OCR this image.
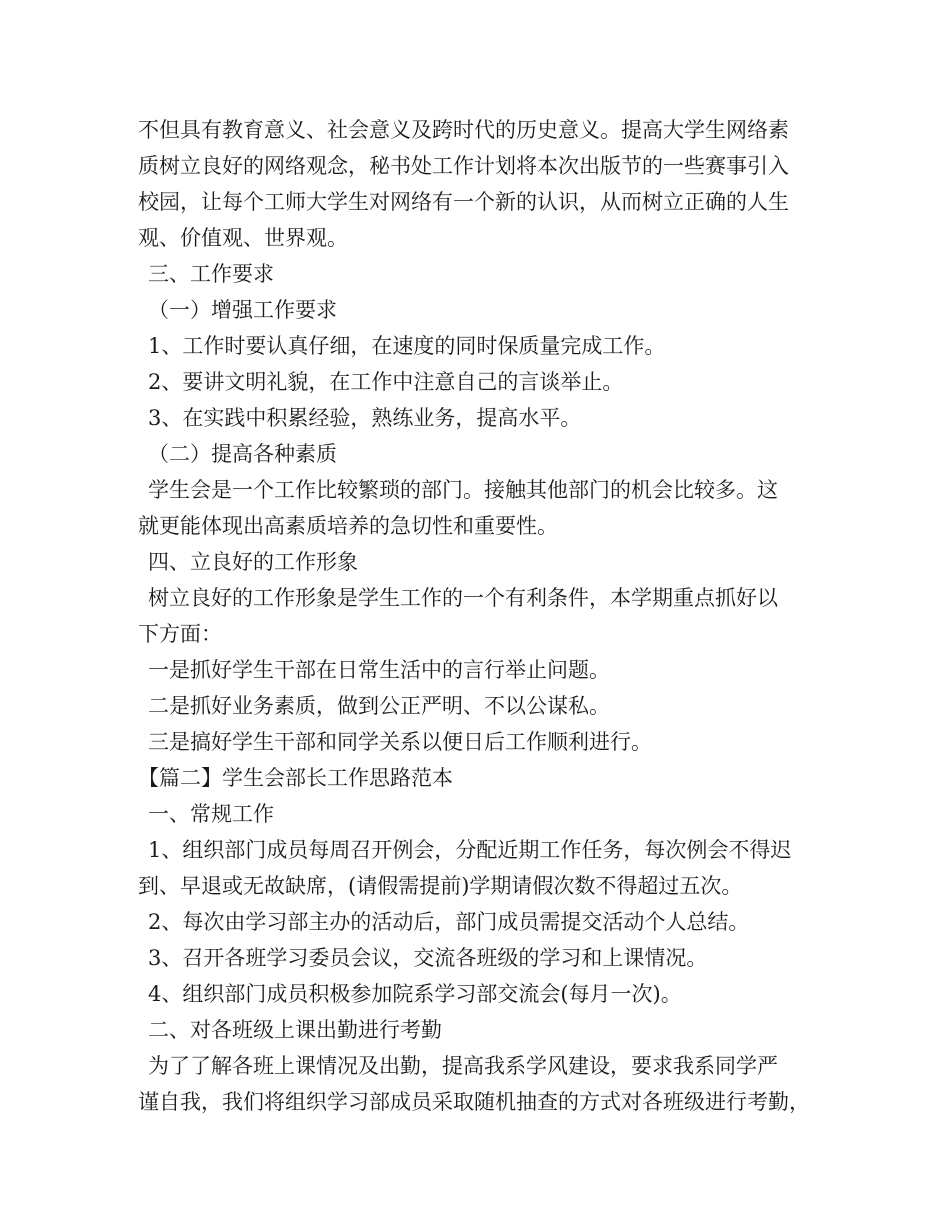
不但具有教育意义、社会意义及跨时代的历史意义。提高大学生网络素
质树立良好的网络观念，秘书处工作计划将本次出版节的一些赛事引入
校园，让每个工师大学生对网络有一个新的认识，从而树立正确的人生
观、价值观、世界观。
三、工作要求
（一）增强工作要求
1、工作时要认真仔细，在速度的同时保质量完成工作。
2、要讲文明礼貌，在工作中注意自己的言谈举止。
3、在实践中积累经验，熟练业务，提高水平。
（二）提高各种素质
学生会是一个工作比较繁琐的部门。接触其他部门的机会比较多。这
就更能体现出高素质培养的急切性和重要性。
四、立良好的工作形象
树立良好的工作形象是学生工作的一个有利条件，本学期重点抓好以
下方面：
一是抓好学生干部在日常生活中的言行举止问题。
二是抓好业务素质，做到公正严明、不以公谋私。
三是搞好学生干部和同学关系以便日后工作顺利进行。
【篇二】学生会部长工作思路范本
一、常规工作
1、组织部门成员每周召开例会，分配近期工作任务，每次例会不得迟
到、早退或无故缺席，(请假需提前)学期请假次数不得超过五次。
2、每次由学习部主办的活动后，部门成员需提交活动个人总结。
3、召开各班学习委员会议，交流各班级的学习和上课情况。
4、组织部门成员积极参加院系学习部交流会(每月一次)。
二、对各班级上课出勤进行考勤
为了了解各班上课情况及出勤，提高我系学风建设，要求我系同学严
谨自我，我们将组织学习部成员采取随机抽查的方式对各班级进行考勤，
